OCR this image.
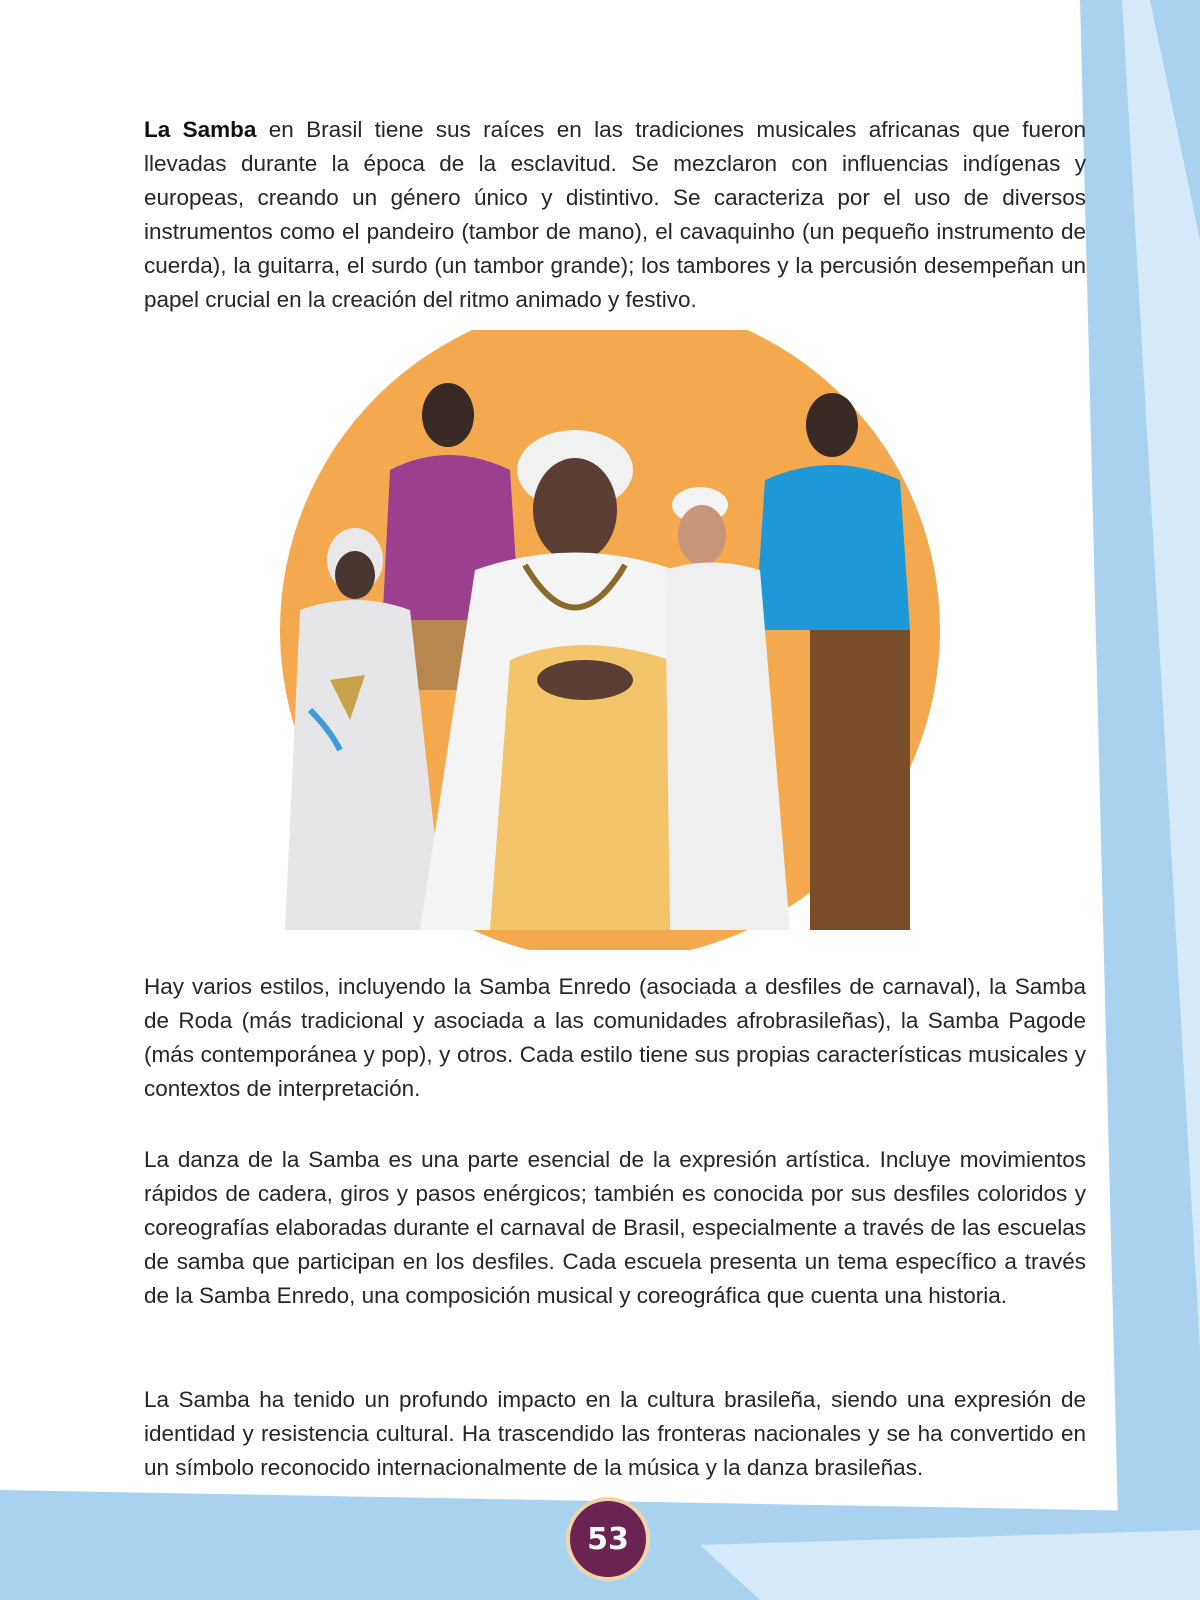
La Samba en Brasil tiene sus raíces en las tradiciones musicales africanas que fueron llevadas durante la época de la esclavitud. Se mezclaron con influencias indígenas y europeas, creando un género único y distintivo. Se caracteriza por el uso de diversos instrumentos como el pandeiro (tambor de mano), el cavaquinho (un pequeño instrumento de cuerda), la guitarra, el surdo (un tambor grande); los tambores y la percusión desempeñan un papel crucial en la creación del ritmo animado y festivo.

Hay varios estilos, incluyendo la Samba Enredo (asociada a desfiles de carnaval), la Samba de Roda (más tradicional y asociada a las comunidades afrobrasileñas), la Samba Pagode (más contemporánea y pop), y otros. Cada estilo tiene sus propias características musicales y contextos de interpretación.

La danza de la Samba es una parte esencial de la expresión artística. Incluye movimientos rápidos de cadera, giros y pasos enérgicos; también es conocida por sus desfiles coloridos y coreografías elaboradas durante el carnaval de Brasil, especialmente a través de las escuelas de samba que participan en los desfiles. Cada escuela presenta un tema específico a través de la Samba Enredo, una composición musical y coreográfica que cuenta una historia.

La Samba ha tenido un profundo impacto en la cultura brasileña, siendo una expresión de identidad y resistencia cultural. Ha trascendido las fronteras nacionales y se ha convertido en un símbolo reconocido internacionalmente de la música y la danza brasileñas.

53
